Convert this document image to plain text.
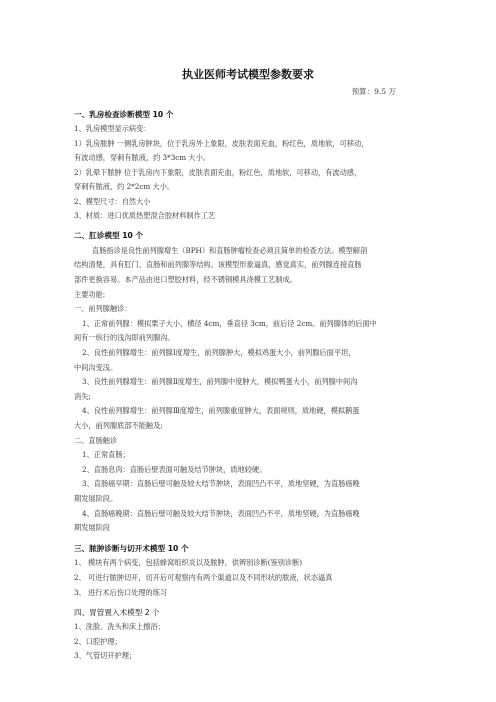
执业医师考试模型参数要求
预算：9.5 万
一、乳房检查诊断模型 10 个
1、乳房模型显示病变：
1）乳房脓肿 一侧乳房肿块，位于乳房外上象限，皮肤表面充血，粉红色，质地软，可移动，
有波动感，穿刺有脓液，约 3*3cm 大小。
2）乳晕下脓肿 位于乳房内下象限，皮肤表面充血，粉红色，质地软，可移动，有波动感，
穿刺有脓液，约 2*2cm 大小。
2、模型尺寸：自然大小
3、材质：进口优质热塑混合胶材料制作工艺
二、肛诊模型 10 个
直肠指诊是良性前列腺增生（BPH）和直肠肿瘤检查必须且简单的检查方法。模型解剖
结构清楚，具有肛门、直肠和前列腺等结构。该模型形象逼真，感觉真实，前列腺连接直肠
部件更换容易。本产品由进口塑胶材料，经不锈钢模具浇模工艺制成。
主要功能:
一、前列腺触诊：
1、正常前列腺：模拟栗子大小，横径 4cm，垂直径 3cm，前后径 2cm。前列腺体的后面中
间有一纵行的浅沟即前列腺沟。
2、良性前列腺增生：前列腺Ⅰ度增生，前列腺肿大，模拟鸡蛋大小，前列腺后面平坦，
中间沟变浅。
3、良性前列腺增生：前列腺Ⅱ度增生，前列腺中度肿大，模拟鸭蛋大小，前列腺中间沟
消失;
4、良性前列腺增生：前列腺Ⅲ度增生，前列腺重度肿大，表面规则，质地硬，模拟鹅蛋
大小，前列腺底部不能触及;
二、直肠触诊
1、正常直肠；
2、直肠息肉：直肠后壁表面可触及结节肿块，质地较硬。
3、直肠癌早期：直肠后壁可触及较大结节肿块，表面凹凸不平，质地坚硬，为直肠癌晚
期发展阶段。
4、直肠癌晚期：直肠后壁可触及较大结节肿块，表面凹凸不平，质地坚硬，为直肠癌晚
期发展阶段
三、脓肿诊断与切开术模型 10 个
1、 模块有两个病变，包括蜂窝组织炎以及脓肿，供辨别诊断(鉴别诊断)
2、 可进行脓肿切开，切开后可观察内有两个渠道以及不同形状的脓液，状态逼真
3、 进行术后伤口处理的练习
四、胃管置入术模型 2 个
1、洗脸、洗头和床上擦浴；
2、口腔护理；
3、气管切开护理；
